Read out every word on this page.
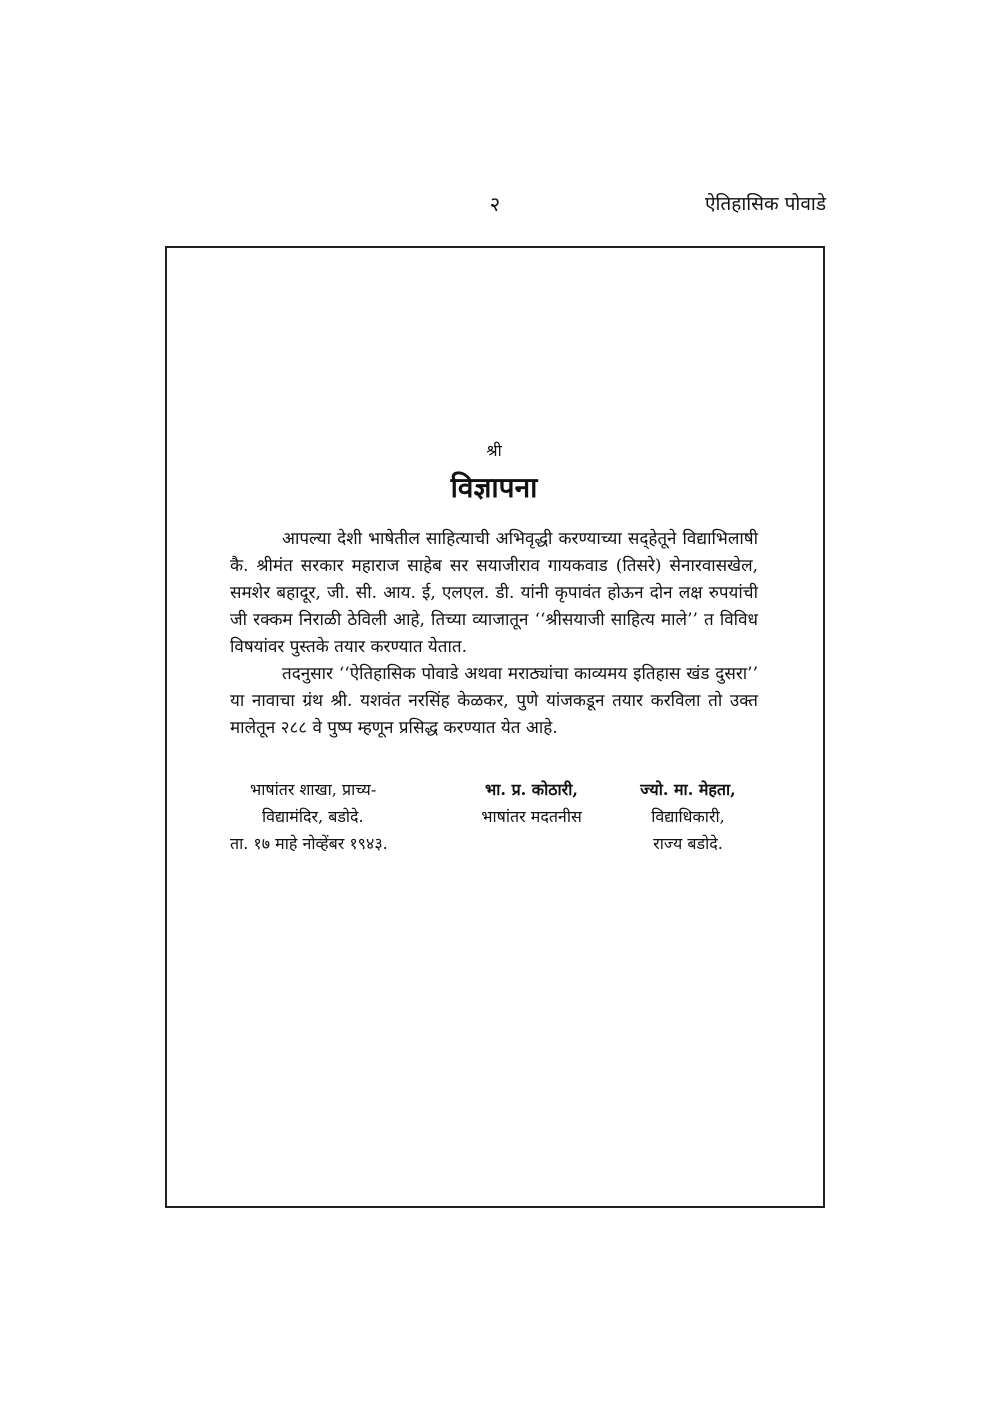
२	ऐतिहासिक पोवाडे

श्री

विज्ञापना

आपल्या देशी भाषेतील साहित्याची अभिवृद्धी करण्याच्या सद्हेतूने विद्याभिलाषी कै. श्रीमंत सरकार महाराज साहेब सर सयाजीराव गायकवाड (तिसरे) सेनारवासखेल, समशेर बहादूर, जी. सी. आय. ई, एलएल. डी. यांनी कृपावंत होऊन दोन लक्ष रुपयांची जी रक्कम निराळी ठेविली आहे, तिच्या व्याजातून ‘‘श्रीसयाजी साहित्य माले’’ त विविध विषयांवर पुस्तके तयार करण्यात येतात.

तदनुसार ‘‘ऐतिहासिक पोवाडे अथवा मराठ्यांचा काव्यमय इतिहास खंड दुसरा’’ या नावाचा ग्रंथ श्री. यशवंत नरसिंह केळकर, पुणे यांजकडून तयार करविला तो उक्त मालेतून २८८ वे पुष्प म्हणून प्रसिद्ध करण्यात येत आहे.

भाषांतर शाखा, प्राच्य-
विद्यामंदिर, बडोदे.
ता. १७ माहे नोव्हेंबर १९४३.
भा. प्र. कोठारी,
भाषांतर मदतनीस
ज्यो. मा. मेहता,
विद्याधिकारी,
राज्य बडोदे.
